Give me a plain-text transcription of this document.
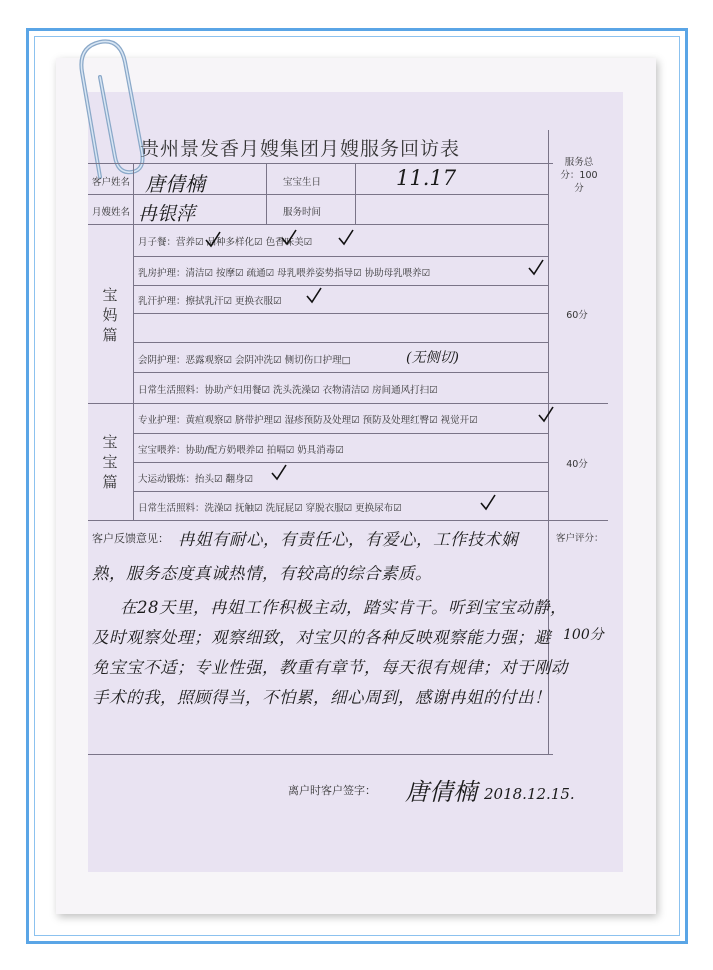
贵州景发香月嫂集团月嫂服务回访表
客户姓名
月嫂姓名
宝宝生日
服务时间
服务总分：100分
唐倩楠
冉银萍
11.17
宝妈篇
宝宝篇
60分
40分
月子餐：营养☑ 品种多样化☑ 色香味美☑
乳房护理：清洁☑ 按摩☑ 疏通☑ 母乳喂养姿势指导☑ 协助母乳喂养☑
乳汗护理：擦拭乳汗☑ 更换衣服☑
会阴护理：恶露观察☑ 会阴冲洗☑ 侧切伤口护理□	(无侧切)
日常生活照料：协助产妇用餐☑ 洗头洗澡☑ 衣物清洁☑ 房间通风打扫☑
专业护理：黄疸观察☑ 脐带护理☑ 湿疹预防及处理☑ 预防及处理红臀☑ 视觉开☑
宝宝喂养：协助/配方奶喂养☑ 拍嗝☑ 奶具消毒☑
大运动锻炼：抬头☑ 翻身☑
日常生活照料：洗澡☑ 抚触☑ 洗屁屁☑ 穿脱衣服☑ 更换尿布☑
客户反馈意见：	客户评分：
100分
冉姐有耐心，有责任心，有爱心，工作技术娴
熟，服务态度真诚热情，有较高的综合素质。
在28天里，冉姐工作积极主动，踏实肯干。听到宝宝动静，
及时观察处理；观察细致，对宝贝的各种反映观察能力强；避
免宝宝不适；专业性强，教重有章节，每天很有规律；对于刚动
手术的我，照顾得当，不怕累，细心周到，感谢冉姐的付出！
离户时客户签字： 唐倩楠 2018.12.15.
